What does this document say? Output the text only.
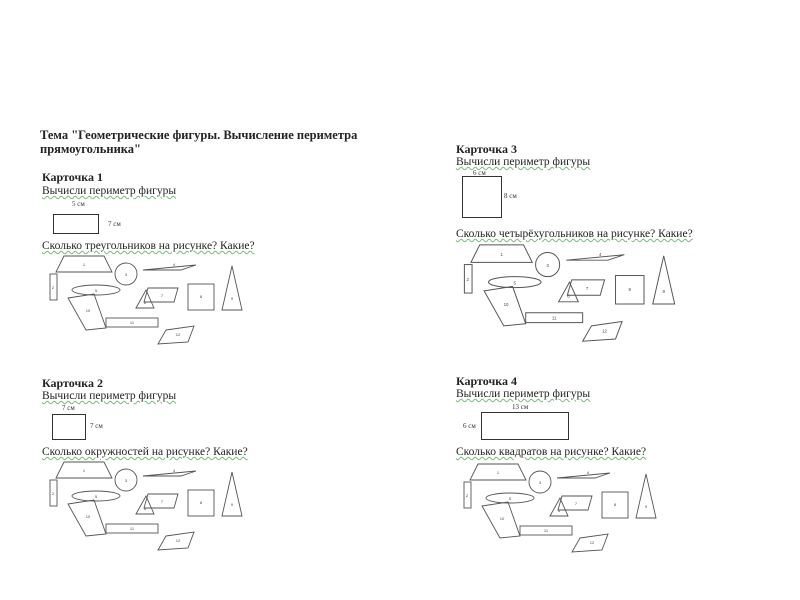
Тема "Геометрические фигуры. Вычисление периметра прямоугольника"
Карточка 1
Вычисли периметр фигуры
5 см
7 см
Сколько треугольников на рисунке? Какие?
Карточка 2
Вычисли периметр фигуры
7 см
7 см
Сколько окружностей на рисунке? Какие?
Карточка 3
Вычисли периметр фигуры
6 см
8 см
Сколько четырёхугольников на рисунке? Какие?
Карточка 4
Вычисли периметр фигуры
13 см
6 см
Сколько квадратов на рисунке? Какие?
1
2
3
4
5
6
7	8	9
10
11
12
1
2
3
4
5
6
7	8	9
10
11
12
1
2
3
4
5
6
7	8	9
10
11
12
1
2
3
4
5
6
7	8	9
10
11
12
